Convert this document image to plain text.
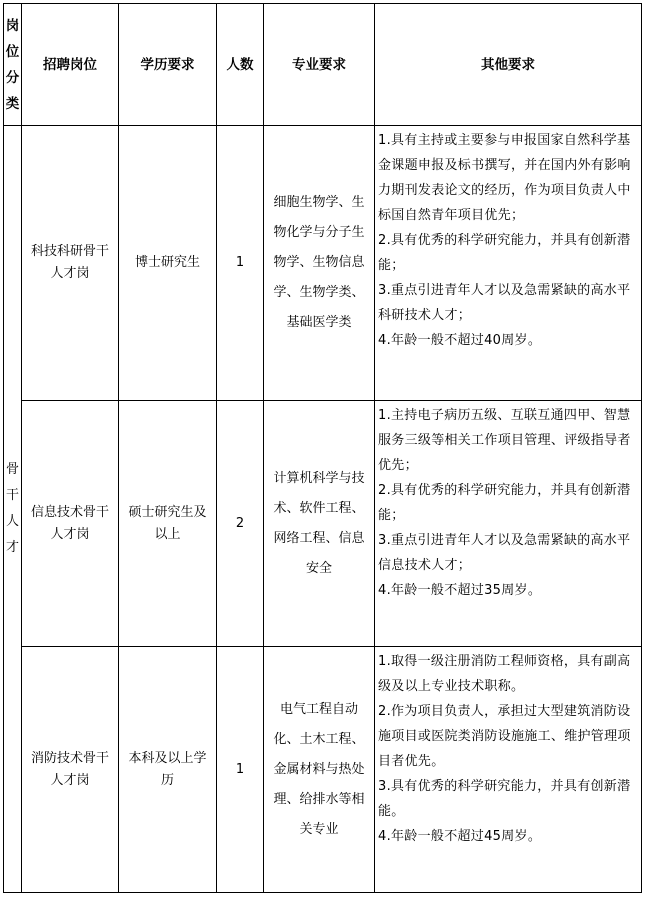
岗位分类	招聘岗位	学历要求	人数	专业要求	其他要求

骨干人才	科技科研骨干人才岗	博士研究生	1	细胞生物学、生物化学与分子生物学、生物信息学、生物学类、基础医学类	1.具有主持或主要参与申报国家自然科学基金课题申报及标书撰写，并在国内外有影响力期刊发表论文的经历，作为项目负责人中标国自然青年项目优先；

2.具有优秀的科学研究能力，并具有创新潜能；

3.重点引进青年人才以及急需紧缺的高水平科研技术人才；

4.年龄一般不超过40周岁。

	信息技术骨干人才岗	硕士研究生及以上	2	计算机科学与技术、软件工程、网络工程、信息安全	1.主持电子病历五级、互联互通四甲、智慧服务三级等相关工作项目管理、评级指导者优先；

2.具有优秀的科学研究能力，并具有创新潜能；

3.重点引进青年人才以及急需紧缺的高水平信息技术人才；

4.年龄一般不超过35周岁。

	消防技术骨干人才岗	本科及以上学历	1	电气工程自动化、土木工程、金属材料与热处理、给排水等相关专业	1.取得一级注册消防工程师资格，具有副高级及以上专业技术职称。

2.作为项目负责人，承担过大型建筑消防设施项目或医院类消防设施施工、维护管理项目者优先。

3.具有优秀的科学研究能力，并具有创新潜能。

4.年龄一般不超过45周岁。
